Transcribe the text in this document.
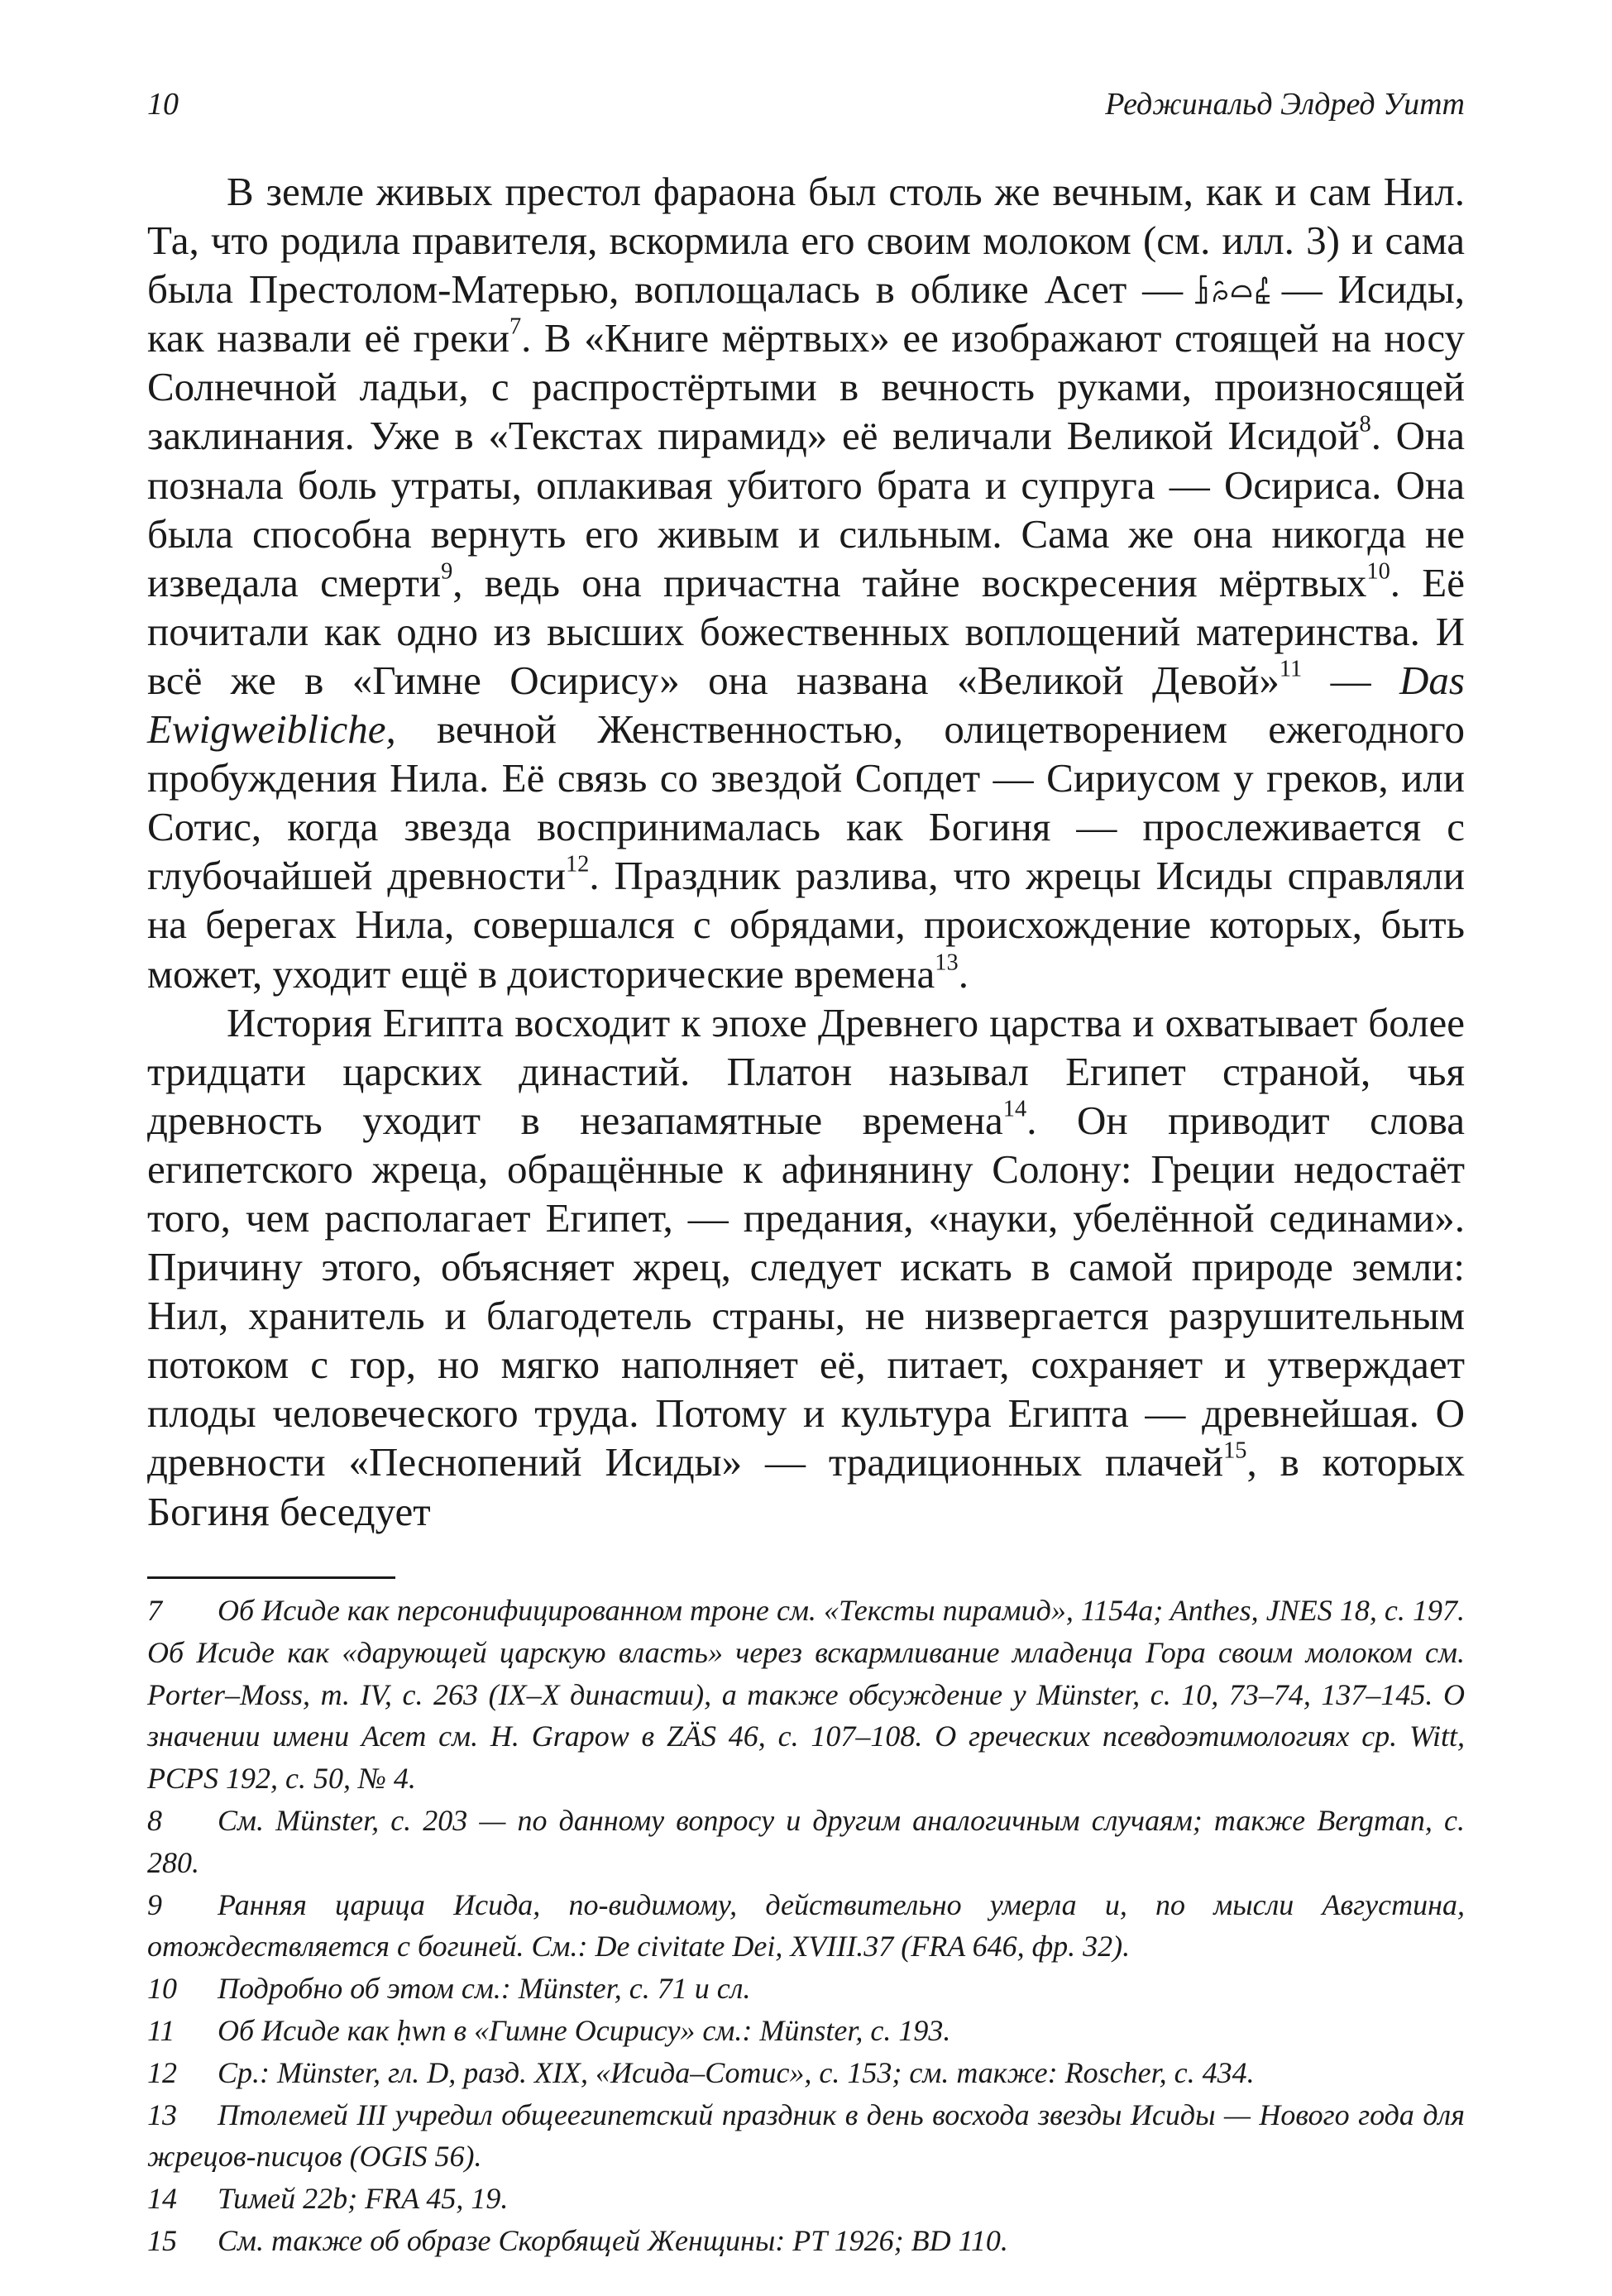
10	Реджинальд Элдред Уитт

В земле живых престол фараона был столь же вечным, как и сам Нил. Та, что родила правителя, вскормила его своим молоком (см. илл. 3) и сама была Престолом-Матерью, воплощалась в облике Асет — 
  — Исиды, как назвали её греки$^7$. В «Книге мёртвых» ее изображают стоящей на носу Солнечной ладьи, с распростёртыми в вечность руками, произносящей заклинания. Уже в «Текстах пирамид» её величали Великой Исидой$^8$. Она познала боль утраты, оплакивая убитого брата и супруга — Осириса. Она была способна вернуть его живым и сильным. Сама же она никогда не изведала смерти$^9$, ведь она причастна тайне воскресения мёртвых$^{10}$. Её почитали как одно из высших божественных воплощений материнства. И всё же в «Гимне Осирису» она названа «Великой Девой»$^{11}$ — Das Ewigweibliche, вечной Женственностью, олицетворением ежегодного пробуждения Нила. Её связь со звездой Сопдет — Сириусом у греков, или Сотис, когда звезда воспринималась как Богиня — прослеживается с глубочайшей древности$^{12}$. Праздник разлива, что жрецы Исиды справляли на берегах Нила, совершался с обрядами, происхождение которых, быть может, уходит ещё в доисторические времена$^{13}$.

История Египта восходит к эпохе Древнего царства и охватывает более тридцати царских династий. Платон называл Египет страной, чья древность уходит в незапамятные времена$^{14}$. Он приводит слова египетского жреца, обращённые к афинянину Солону: Греции недостаёт того, чем располагает Египет, — предания, «науки, убелённой сединами». Причину этого, объясняет жрец, следует искать в самой природе земли: Нил, хранитель и благодетель страны, не низвергается разрушительным потоком с гор, но мягко наполняет её, питает, сохраняет и утверждает плоды человеческого труда. Потому и культура Египта — древнейшая. О древности «Песнопений Исиды» — традиционных плачей$^{15}$, в которых Богиня беседует

7 Об Исиде как персонифицированном троне см. «Тексты пирамид», 1154a; Anthes, JNES 18, с. 197. Об Исиде как «дарующей царскую власть» через вскармливание младенца Гора своим молоком см. Porter–Moss, т. IV, с. 263 (IX–X династии), а также обсуждение у Münster, с. 10, 73–74, 137–145. О значении имени Асет см. H. Grapow в ZÄS 46, с. 107–108. О греческих псевдоэтимологиях ср. Witt, PCPS 192, с. 50, № 4.

8 См. Münster, с. 203 — по данному вопросу и другим аналогичным случаям; также Bergman, с. 280.

9 Ранняя царица Исида, по-видимому, действительно умерла и, по мысли Августина, отождествляется с богиней. См.: De civitate Dei, XVIII.37 (FRA 646, фр. 32).

10 Подробно об этом см.: Münster, с. 71 и сл.

11 Об Исиде как ḥwn в «Гимне Осирису» см.: Münster, с. 193.

12 Ср.: Münster, гл. D, разд. XIX, «Исида–Сотис», с. 153; см. также: Roscher, с. 434.

13 Птолемей III учредил общеегипетский праздник в день восхода звезды Исиды — Нового года для жрецов-писцов (OGIS 56).

14 Тимей 22b; FRA 45, 19.

15 См. также об образе Скорбящей Женщины: PT 1926; BD 110.
